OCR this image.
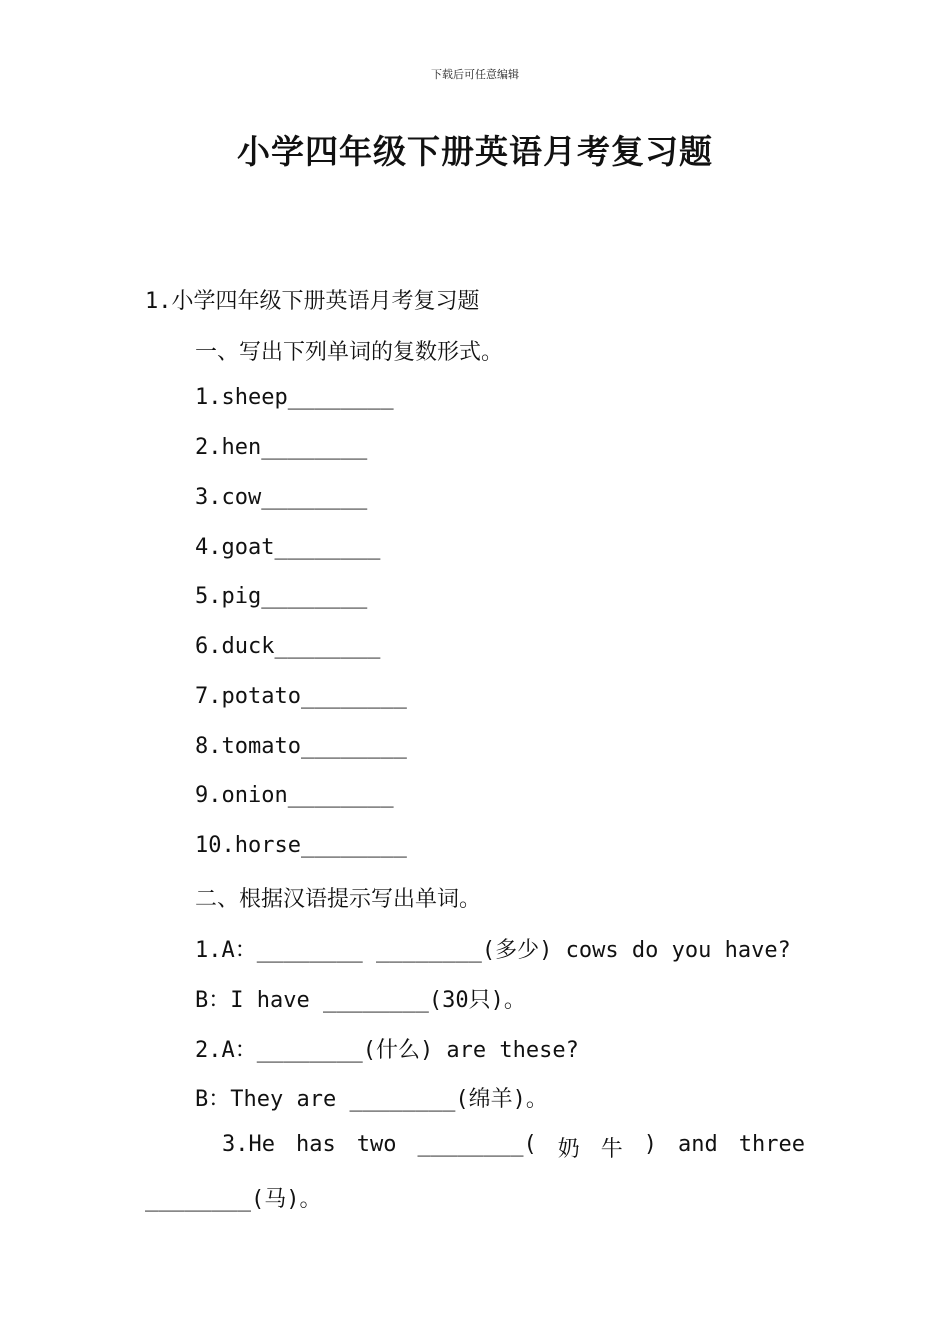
下载后可任意编辑
小学四年级下册英语月考复习题
1.小学四年级下册英语月考复习题
一、写出下列单词的复数形式。
1.sheep________
2.hen________
3.cow________
4.goat________
5.pig________
6.duck________
7.potato________
8.tomato________
9.onion________
10.horse________
二、根据汉语提示写出单词。
1.A：________ ________(多少) cows do you have?
B：I have ________(30只)。
2.A：________(什么) are these?
B：They are ________(绵羊)。
3.He has two ________( 奶 牛 ) and three
________(马)。
